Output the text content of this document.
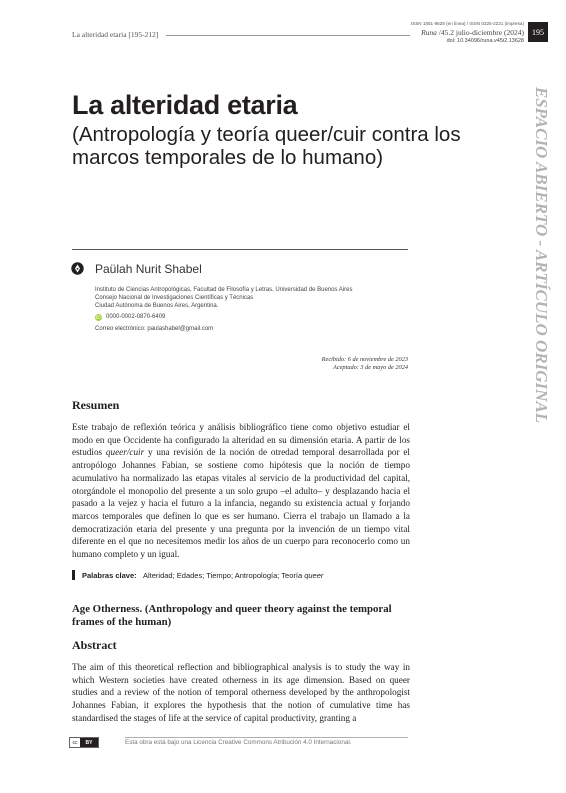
La alteridad etaria [195-212]
ISSN 1851-9628 (en línea) / ISSN 0325-2221 (impresa)
Runa /45.2 julio-diciembre (2024)
doi: 10.34096/runa.v45i2.13628
195
ESPACIO ABIERTO - ARTÍCULO ORIGINAL
La alteridad etaria
(Antropología y teoría queer/cuir contra los marcos temporales de lo humano)
Paülah Nurit Shabel
Instituto de Ciencias Antropológicas, Facultad de Filosofía y Letras, Universidad de Buenos Aires
Consejo Nacional de Investigaciones Científicas y Técnicas
Ciudad Autónoma de Buenos Aires, Argentina.
iD 0000-0002-0870-6409
Correo electrónico: paulashabel@gmail.com
Recibido: 6 de noviembre de 2023
Aceptado: 3 de mayo de 2024
Resumen
Este trabajo de reflexión teórica y análisis bibliográfico tiene como objetivo estudiar el modo en que Occidente ha configurado la alteridad en su dimensión etaria. A partir de los estudios queer/cuir y una revisión de la noción de otredad temporal desarrollada por el antropólogo Johannes Fabian, se sostiene como hipótesis que la noción de tiempo acumulativo ha normalizado las etapas vitales al servicio de la productividad del capital, otorgándole el monopolio del presente a un solo grupo –el adulto– y desplazando hacia el pasado a la vejez y hacia el futuro a la infancia, negando su existencia actual y forjando marcos temporales que definen lo que es ser humano. Cierra el trabajo un llamado a la democratización etaria del presente y una pregunta por la invención de un tiempo vital diferente en el que no necesitemos medir los años de un cuerpo para reconocerlo como un humano completo y un igual.
Palabras clave: Alteridad; Edades; Tiempo; Antropología; Teoría queer
Age Otherness. (Anthropology and queer theory against the temporal frames of the human)
Abstract
The aim of this theoretical reflection and bibliographical analysis is to study the way in which Western societies have created otherness in its age dimension. Based on queer studies and a review of the notion of temporal otherness developed by the anthropologist Johannes Fabian, it explores the hypothesis that the notion of cumulative time has standardised the stages of life at the service of capital productivity, granting a
cc	BY	Esta obra está bajo una Licencia Creative Commons Atribución 4.0 Internacional.
